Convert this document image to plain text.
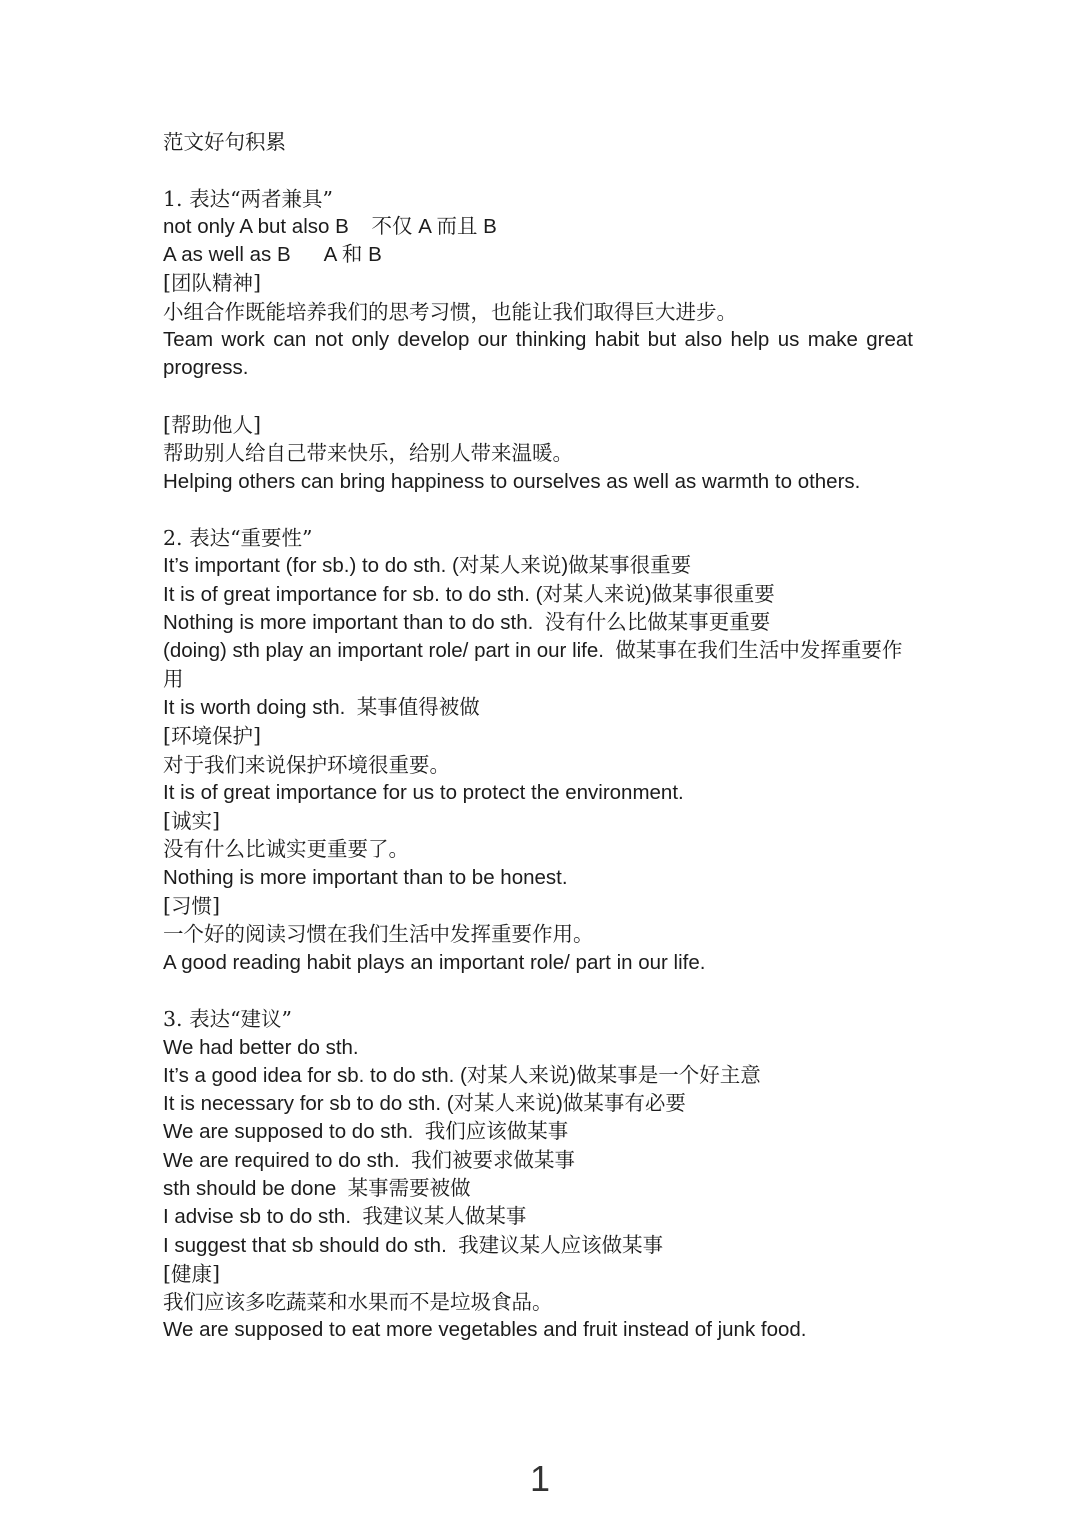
范文好句积累

1. 表达“两者兼具”

not only A but also B    不仅 A 而且 B

A as well as B      A 和 B

[团队精神]

小组合作既能培养我们的思考习惯，也能让我们取得巨大进步。

Team work can not only develop our thinking habit but also help us make great progress.

[帮助他人]

帮助别人给自己带来快乐，给别人带来温暖。

Helping others can bring happiness to ourselves as well as warmth to others.

2. 表达“重要性”

It’s important (for sb.) to do sth. (对某人来说)做某事很重要

It is of great importance for sb. to do sth. (对某人来说)做某事很重要

Nothing is more important than to do sth.  没有什么比做某事更重要

(doing) sth play an important role/ part in our life.  做某事在我们生活中发挥重要作用

It is worth doing sth.  某事值得被做

[环境保护]

对于我们来说保护环境很重要。

It is of great importance for us to protect the environment.

[诚实]

没有什么比诚实更重要了。

Nothing is more important than to be honest.

[习惯]

一个好的阅读习惯在我们生活中发挥重要作用。

A good reading habit plays an important role/ part in our life.

3. 表达“建议”

We had better do sth.

It’s a good idea for sb. to do sth. (对某人来说)做某事是一个好主意

It is necessary for sb to do sth. (对某人来说)做某事有必要

We are supposed to do sth.  我们应该做某事

We are required to do sth.  我们被要求做某事

sth should be done  某事需要被做

I advise sb to do sth.  我建议某人做某事

I suggest that sb should do sth.  我建议某人应该做某事

[健康]

我们应该多吃蔬菜和水果而不是垃圾食品。

We are supposed to eat more vegetables and fruit instead of junk food.

1
